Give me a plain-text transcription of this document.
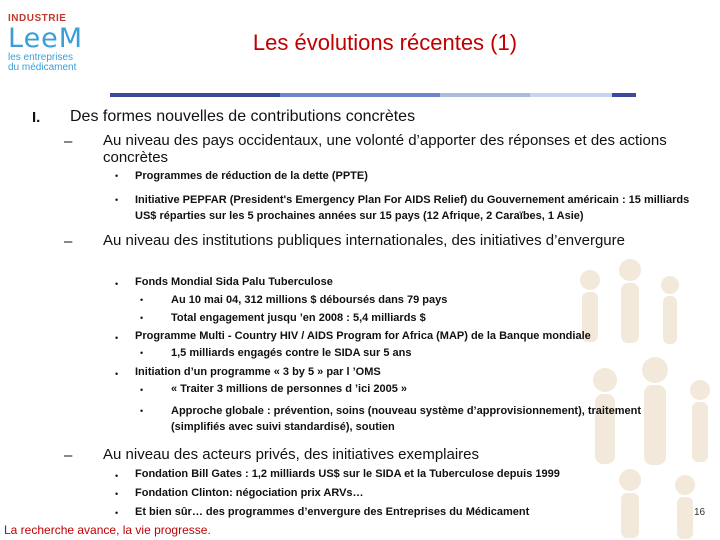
INDUSTRIE
LeeM
les entreprises
du médicament
Les évolutions récentes (1)
I. Des formes nouvelles de contributions concrètes
– Au niveau des pays occidentaux, une volonté d’apporter des réponses et des actions concrètes
• Programmes de réduction de la dette (PPTE)
• Initiative PEPFAR (President's Emergency Plan For AIDS Relief) du Gouvernement américain : 15 milliards US$ réparties sur les 5 prochaines années sur 15 pays (12 Afrique, 2 Caraïbes, 1 Asie)
– Au niveau des institutions publiques internationales, des initiatives d’envergure
• Fonds Mondial Sida Palu Tuberculose
•	Au 10 mai 04, 312 millions $ déboursés dans 79 pays
•	Total engagement jusqu ’en 2008 : 5,4 milliards $
• Programme Multi - Country HIV / AIDS Program for Africa (MAP) de la Banque mondiale
•	1,5 milliards engagés contre le SIDA sur 5 ans
• Initiation d’un programme « 3 by 5 » par l ’OMS
•	« Traiter 3 millions de personnes d ’ici 2005 »
•	Approche globale : prévention, soins (nouveau système d’approvisionnement), traitement (simplifiés avec suivi standardisé), soutien
– Au niveau des acteurs privés, des initiatives exemplaires
• Fondation Bill Gates : 1,2 milliards US$ sur le SIDA et la Tuberculose depuis 1999
• Fondation Clinton: négociation prix ARVs…
• Et bien sûr… des programmes d’envergure des Entreprises du Médicament
La recherche avance, la vie progresse.
16
